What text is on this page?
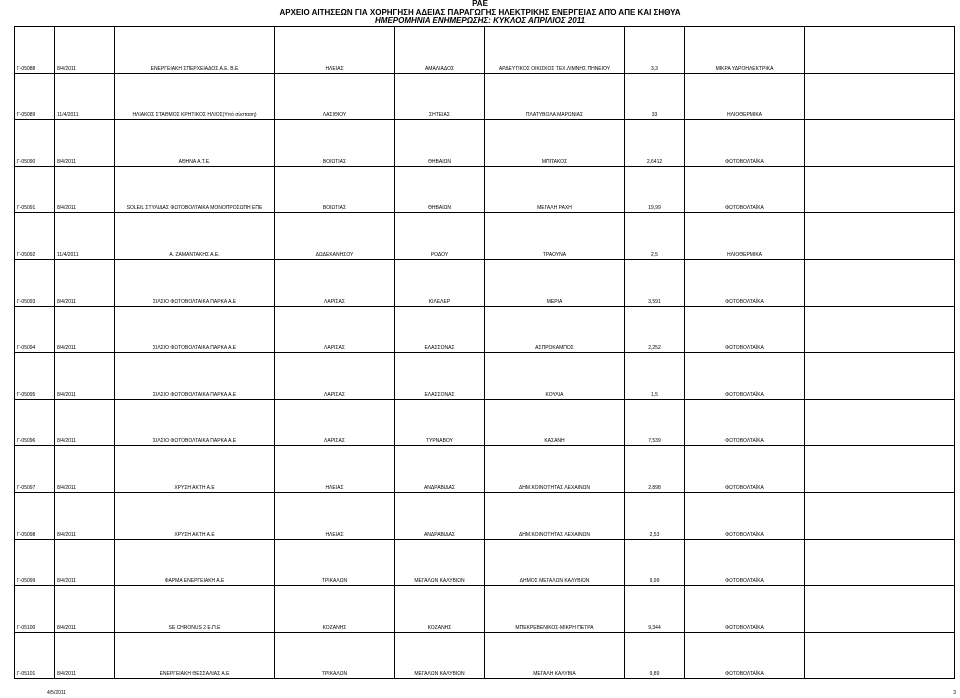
ΡΑΕ
ΑΡΧΕΙΟ ΑΙΤΗΣΕΩΝ ΓΙΑ ΧΟΡΗΓΗΣΗ ΑΔΕΙΑΣ ΠΑΡΑΓΩΓΗΣ ΗΛΕΚΤΡΙΚΗΣ ΕΝΕΡΓΕΙΑΣ ΑΠΌ ΑΠΕ ΚΑΙ ΣΗΘΥΑ
ΗΜΕΡΟΜΗΝΙΑ ΕΝΗΜΕΡΩΣΗΣ: ΚΥΚΛΟΣ ΑΠΡΙΛΙΟΣ 2011
Γ-05088	8/4/2011	ΕΝΕΡΓΕΙΑΚΗ ΣΠΕΡΧΕΙΑΔΟΣ Α.Ε. Β.Ε	ΗΛΕΙΑΣ	ΑΜΑΛΙΑΔΟΣ	ΑΡΔΕΥΤΙΚΟΣ ΟΙΚΙΣΚΟΣ ΤΕΧ.ΛΙΜΝΗΣ ΠΗΝΕΙΟΥ	3,3	ΜΙΚΡΑ ΥΔΡΟΗΛΕΚΤΡΙΚΑ	
Γ-05089	11/4/2011	ΗΛΙΑΚΟΣ ΣΤΑΘΜΟΣ ΚΡΗΤΙΚΟΣ ΗΛΙΟΣ(Υπό σύσταση)	ΛΑΣΙΘΙΟΥ	ΣΗΤΕΙΑΣ	ΠΛΑΤΥΒΟΛΑ ΜΑΡΩΝΙΑΣ	33	ΗΛΙΟΘΕΡΜΙΚΑ	
Γ-05090	8/4/2011	ΑΘΗΝΑ Α.Τ.Ε.	ΒΟΙΩΤΙΑΣ	ΘΗΒΑΙΩΝ	ΜΠΙΤΑΚΟΣ	2,6412	ΦΩΤΟΒΟΛΤΑΪΚΑ	
Γ-05091	8/4/2011	SOLEIL ΣΤΥΛΙΔΑΣ ΦΩΤΟΒΟΛΤΑΙΚΑ ΜΟΝΟΠΡΟΣΩΠΗ ΕΠΕ	ΒΟΙΩΤΙΑΣ	ΘΗΒΑΙΩΝ	ΜΕΓΑΛΗ ΡΑΧΗ	19,99	ΦΩΤΟΒΟΛΤΑΪΚΑ	
Γ-05092	11/4/2011	Α. ΖΑΜΑΝΤΑΚΗΣ Α.Ε.	ΔΩΔΕΚΑΝΗΣΟΥ	ΡΟΔΟΥ	ΤΡΑΟΥΝΑ	2,5	ΗΛΙΟΘΕΡΜΙΚΑ	
Γ-05093	8/4/2011	ΣΙΛΣΙΟ ΦΩΤΟΒΟΛΤΑΙΚΑ ΠΑΡΚΑ Α.Ε	ΛΑΡΙΣΑΣ	ΚΙΛΕΛΕΡ	ΜΕΡΙΑ	3,591	ΦΩΤΟΒΟΛΤΑΪΚΑ	
Γ-05094	8/4/2011	ΣΙΛΣΙΟ ΦΩΤΟΒΟΛΤΑΙΚΑ ΠΑΡΚΑ Α.Ε	ΛΑΡΙΣΑΣ	ΕΛΑΣΣΟΝΑΣ	ΑΣΠΡΟΚΑΜΠΟΣ	2,252	ΦΩΤΟΒΟΛΤΑΪΚΑ	
Γ-05095	8/4/2011	ΣΙΛΣΙΟ ΦΩΤΟΒΟΛΤΑΙΚΑ ΠΑΡΚΑ Α.Ε	ΛΑΡΙΣΑΣ	ΕΛΑΣΣΟΝΑΣ	ΚΟΥΛΙΑ	1,5	ΦΩΤΟΒΟΛΤΑΪΚΑ	
Γ-05096	8/4/2011	ΣΙΛΣΙΟ ΦΩΤΟΒΟΛΤΑΙΚΑ ΠΑΡΚΑ Α.Ε	ΛΑΡΙΣΑΣ	ΤΥΡΝΑΒΟΥ	ΚΑΣΑΝΗ	7,539	ΦΩΤΟΒΟΛΤΑΪΚΑ	
Γ-05097	8/4/2011	ΧΡΥΣΗ ΑΚΤΗ Α.Ε	ΗΛΕΙΑΣ	ΑΝΔΡΑΒΙΔΑΣ	ΔΗΜ.ΚΟΙΝΟΤΗΤΑΣ ΛΕΧΑΙΝΩΝ	2,898	ΦΩΤΟΒΟΛΤΑΪΚΑ	
Γ-05098	8/4/2011	ΧΡΥΣΗ ΑΚΤΗ Α.Ε	ΗΛΕΙΑΣ	ΑΝΔΡΑΒΙΔΑΣ	ΔΗΜ.ΚΟΙΝΟΤΗΤΑΣ ΛΕΧΑΙΝΩΝ	2,53	ΦΩΤΟΒΟΛΤΑΪΚΑ	
Γ-05099	8/4/2011	ΦΑΡΜΑ ΕΝΕΡΓΕΙΑΚΗ Α.Ε	ΤΡΙΚΑΛΩΝ	ΜΕΓΑΛΩΝ ΚΑΛΥΒΙΩΝ	ΔΗΜΟΣ ΜΕΓΑΛΩΝ ΚΑΛΥΒΙΩΝ	9,99	ΦΩΤΟΒΟΛΤΑΪΚΑ	
Γ-05100	8/4/2011	SE CHRONUS 2 Ε.Π.Ε	ΚΟΖΑΝΗΣ	ΚΟΖΑΝΗΣ	ΜΠΕΚΡΕΒΕΝΙΚΟΣ-ΜΙΚΡΗ ΠΕΤΡΑ	9,344	ΦΩΤΟΒΟΛΤΑΪΚΑ	
Γ-05101	8/4/2011	ΕΝΕΡΓΕΙΑΚΗ ΘΕΣΣΑΛΙΑΣ Α.Ε	ΤΡΙΚΑΛΩΝ	ΜΕΓΑΛΩΝ ΚΑΛΥΒΙΩΝ	ΜΕΓΑΛΗ ΚΑΛΥΒΙΑ	9,89	ΦΩΤΟΒΟΛΤΑΪΚΑ	
4/5/2011	3
